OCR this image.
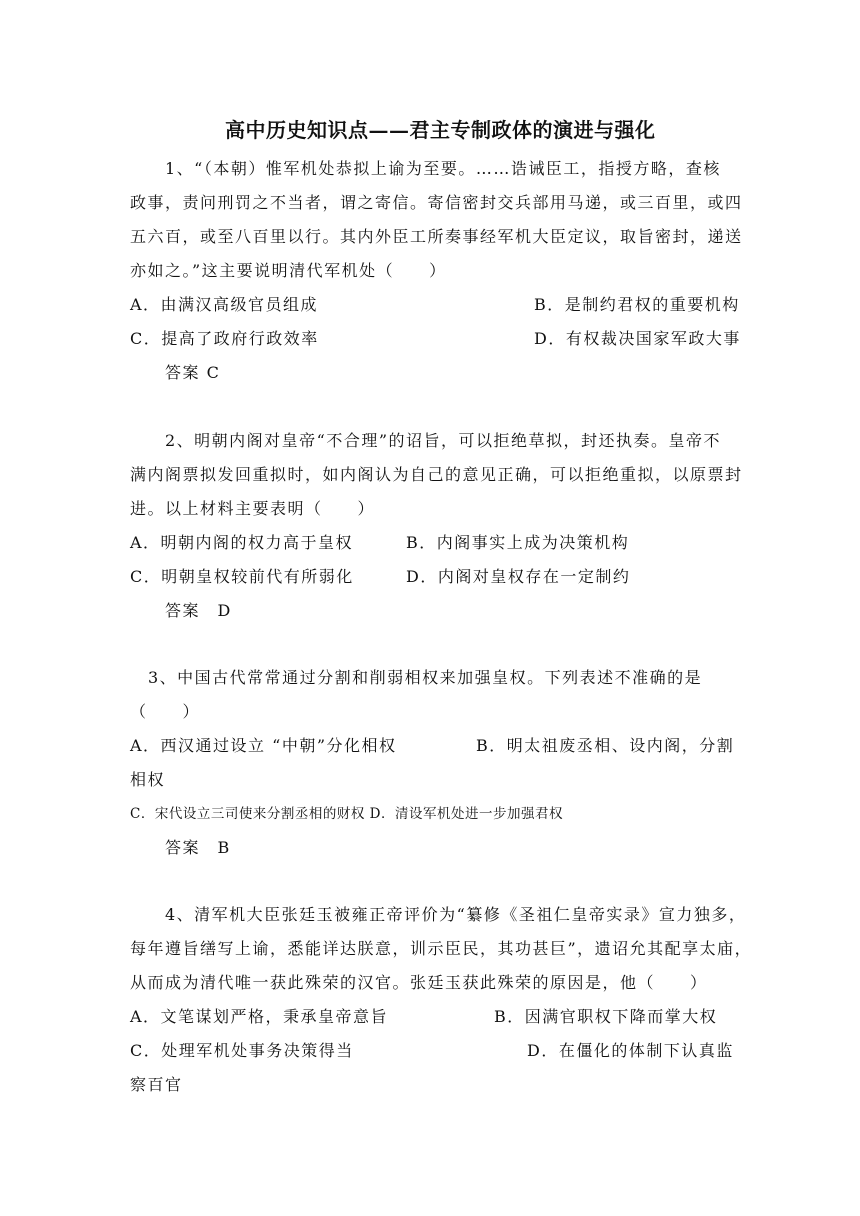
高中历史知识点——君主专制政体的演进与强化
1、“（本朝）惟军机处恭拟上谕为至要。……诰诫臣工，指授方略，查核
政事，责问刑罚之不当者，谓之寄信。寄信密封交兵部用马递，或三百里，或四
五六百，或至八百里以行。其内外臣工所奏事经军机大臣定议，取旨密封，递送
亦如之。”这主要说明清代军机处（　　）
A．由满汉高级官员组成	B．是制约君权的重要机构
C．提高了政府行政效率	D．有权裁决国家军政大事
答案 C
2、明朝内阁对皇帝“不合理”的诏旨，可以拒绝草拟，封还执奏。皇帝不
满内阁票拟发回重拟时，如内阁认为自己的意见正确，可以拒绝重拟，以原票封
进。以上材料主要表明（　　）
A．明朝内阁的权力高于皇权	B．内阁事实上成为决策机构
C．明朝皇权较前代有所弱化	D．内阁对皇权存在一定制约
答案　D
3、中国古代常常通过分割和削弱相权来加强皇权。下列表述不准确的是
（　　）
A．西汉通过设立 “中朝”分化相权	B．明太祖废丞相、设内阁，分割
相权
C．宋代设立三司使来分割丞相的财权 D．清设军机处进一步加强君权
答案　B
4、清军机大臣张廷玉被雍正帝评价为“纂修《圣祖仁皇帝实录》宣力独多，
每年遵旨缮写上谕，悉能详达朕意，训示臣民，其功甚巨”，遗诏允其配享太庙，
从而成为清代唯一获此殊荣的汉官。张廷玉获此殊荣的原因是，他（　　）
A．文笔谋划严格，秉承皇帝意旨	B．因满官职权下降而掌大权
C．处理军机处事务决策得当	D．在僵化的体制下认真监
察百官
